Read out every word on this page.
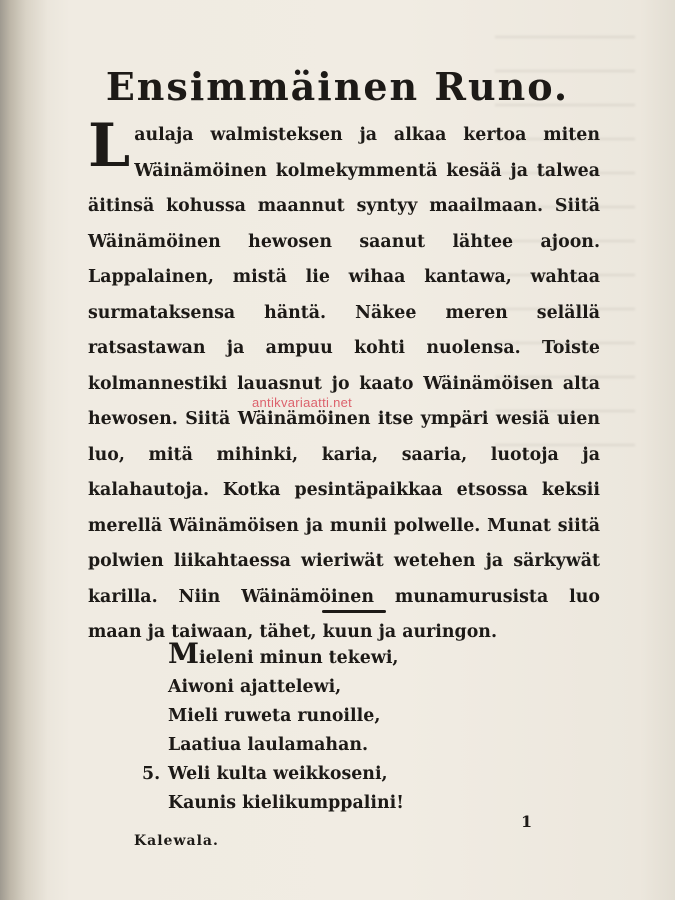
Ensimmäinen Runo.

Laulaja walmisteksen ja alkaa kertoa miten Wäinämöinen kolmekymmentä kesää ja talwea äitinsä kohussa maannut syntyy maailmaan. Siitä Wäinämöinen hewosen saanut lähtee ajoon. Lappalainen, mistä lie wihaa kantawa, wahtaa surmataksensa häntä. Näkee meren selällä ratsastawan ja ampuu kohti nuolensa. Toiste kolmannestiki lauasnut jo kaato Wäinämöisen alta hewosen. Siitä Wäinämöinen itse ympäri wesiä uien luo, mitä mihinki, karia, saaria, luotoja ja kalahautoja. Kotka pesintäpaikkaa etsossa keksii merellä Wäinämöisen ja munii polwelle. Munat siitä polwien liikahtaessa wieriwät wetehen ja särkywät karilla. Niin Wäinämöinen munamurusista luo maan ja taiwaan, tähet, kuun ja auringon.

Mieleni minun tekewi,
Aiwoni ajattelewi,
Mieli ruweta runoille,
Laatiua laulamahan.
5. Weli kulta weikkoseni,
Kaunis kielikumppalini!
Kalewala.
1
antikvariaatti.net
